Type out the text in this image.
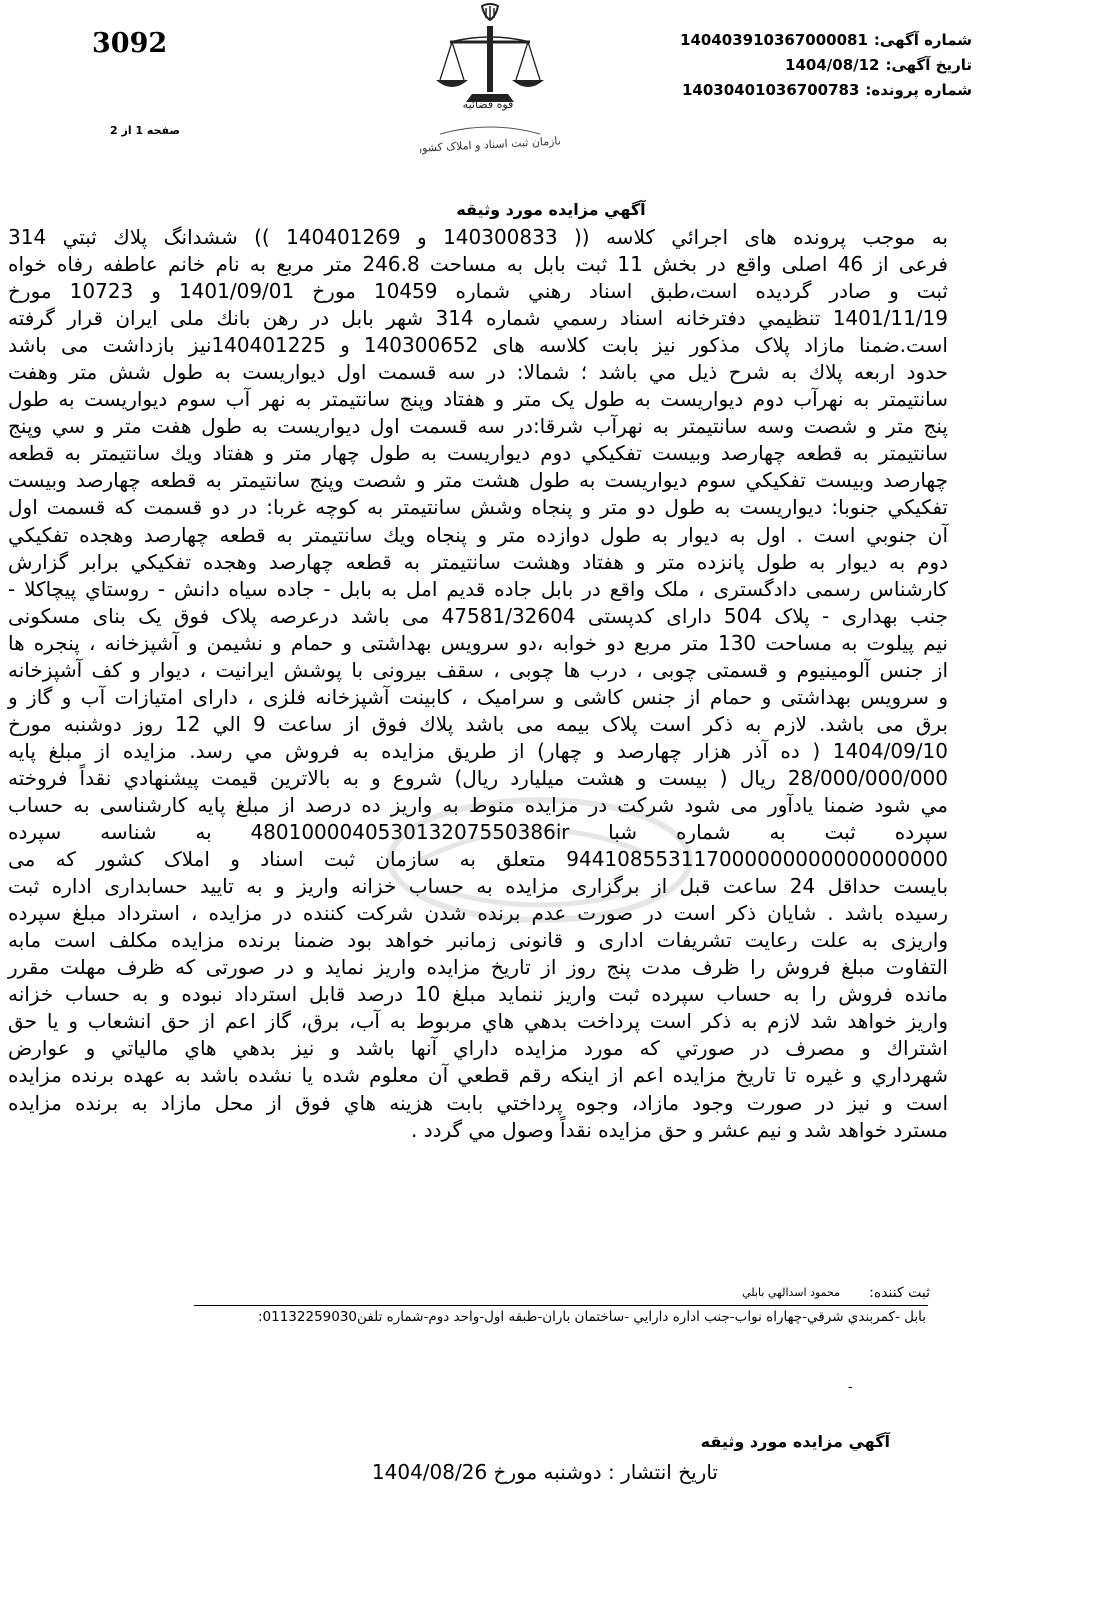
3092
صفحه 1 از 2
قوه قضائیه
سازمان ثبت اسناد و املاک کشور
شماره آگهی:140403910367000081
تاریخ آگهی:1404/08/12
شماره پرونده:14030401036700783
آگهي مزايده مورد وثيقه
به موجب پرونده های اجرائي كلاسه (( 140300833 و 140401269 )) ششدانگ پلاك ثبتي 314
فرعی از 46 اصلی واقع در بخش 11 ثبت بابل به مساحت 246.8 متر مربع به نام خانم عاطفه رفاه خواه
ثبت و صادر گرديده است،طبق اسناد رهني شماره 10459 مورخ 1401/09/01 و 10723 مورخ
1401/11/19 تنظيمي دفترخانه اسناد رسمي شماره 314 شهر بابل در رهن بانك ملی ايران قرار گرفته
است.ضمنا مازاد پلاک مذکور نیز بابت کلاسه های 140300652 و 140401225نیز بازداشت می باشد
حدود اربعه پلاك به شرح ذيل مي باشد ؛ شمالا: در سه قسمت اول دیواریست به طول شش متر وهفت
سانتیمتر به نهرآب دوم دیواریست به طول یک متر و هفتاد وپنج سانتیمتر به نهر آب سوم دیواریست به طول
پنج متر و شصت وسه سانتیمتر به نهرآب شرقا:در سه قسمت اول دیواریست به طول هفت متر و سي وپنج
سانتيمتر به قطعه چهارصد وبيست تفكيكي دوم ديواريست به طول چهار متر و هفتاد ويك سانتيمتر به قطعه
چهارصد وبيست تفكيكي سوم ديواريست به طول هشت متر و شصت وپنج سانتيمتر به قطعه چهارصد وبيست
تفكيكي جنوبا: ديواريست به طول دو متر و پنجاه وشش سانتيمتر به كوچه غربا: در دو قسمت كه قسمت اول
آن جنوبي است . اول به ديوار به طول دوازده متر و پنجاه ويك سانتيمتر به قطعه چهارصد وهجده تفكيكي
دوم به ديوار به طول پانزده متر و هفتاد وهشت سانتيمتر به قطعه چهارصد وهجده تفكيكي برابر گزارش
كارشناس رسمی دادگستری ، ملک واقع در بابل جاده قدیم امل به بابل - جاده سياه دانش - روستاي پيچاكلا -
جنب بهداری - پلاک 504 دارای کدپستی 47581/32604 می باشد درعرصه پلاک فوق یک بنای مسکونی
نیم پیلوت به مساحت 130 متر مربع دو خوابه ،دو سرویس بهداشتی و حمام و نشیمن و آشپزخانه ، پنجره ها
از جنس آلومینیوم و قسمتی چوبی ، درب ها چوبی ، سقف بیرونی با پوشش ایرانیت ، دیوار و کف آشپزخانه
و سرویس بهداشتی و حمام از جنس کاشی و سرامیک ، کابینت آشپزخانه فلزی ، دارای امتیازات آب و گاز و
برق می باشد. لازم به ذکر است پلاک بیمه می باشد پلاك فوق از ساعت 9 الي 12 روز دوشنبه مورخ
1404/09/10 ( ده آذر هزار چهارصد و چهار) از طريق مزايده به فروش مي رسد. مزايده از مبلغ پايه
28/000/000/000 ريال ( بیست و هشت میلیارد ریال) شروع و به بالاترين قيمت پيشنهادي نقداً فروخته
مي شود ضمنا یادآور می شود شرکت در مزایده منوط به واریز ده درصد از مبلغ پایه کارشناسی به حساب
سپرده ثبت به شماره شبا 480100004053013207550386ir به شناسه سپرده
944108553117000000000000000000 متعلق به سازمان ثبت اسناد و املاک کشور که می
بایست حداقل 24 ساعت قبل از برگزاری مزایده به حساب خزانه واریز و به تایید حسابداری اداره ثبت
رسیده باشد . شایان ذکر است در صورت عدم برنده شدن شرکت کننده در مزایده ، استرداد مبلغ سپرده
واریزی به علت رعایت تشریفات اداری و قانونی زمانبر خواهد بود ضمنا برنده مزایده مکلف است مابه
التفاوت مبلغ فروش را ظرف مدت پنج روز از تاریخ مزایده واریز نماید و در صورتی که ظرف مهلت مقرر
مانده فروش را به حساب سپرده ثبت واریز ننماید مبلغ 10 درصد قابل استرداد نبوده و به حساب خزانه
واریز خواهد شد لازم به ذكر است پرداخت بدهي هاي مربوط به آب، برق، گاز اعم از حق انشعاب و يا حق
اشتراك و مصرف در صورتي كه مورد مزايده داراي آنها باشد و نيز بدهي هاي مالياتي و عوارض
شهرداري و غيره تا تاريخ مزايده اعم از اينكه رقم قطعي آن معلوم شده يا نشده باشد به عهده برنده مزايده
است و نيز در صورت وجود مازاد، وجوه پرداختي بابت هزينه هاي فوق از محل مازاد به برنده مزايده
مسترد خواهد شد و نيم عشر و حق مزايده نقداً وصول مي گردد .
ثبت كننده:
محمود اسدالهي بابلي
بابل -كمربندي شرقي-چهاراه نواب-جنب اداره دارايي -ساختمان باران-طبقه اول-واحد دوم-شماره تلفن01132259030:
-
آگهي مزايده مورد وثيقه
تاریخ انتشار : دوشنبه مورخ 1404/08/26
